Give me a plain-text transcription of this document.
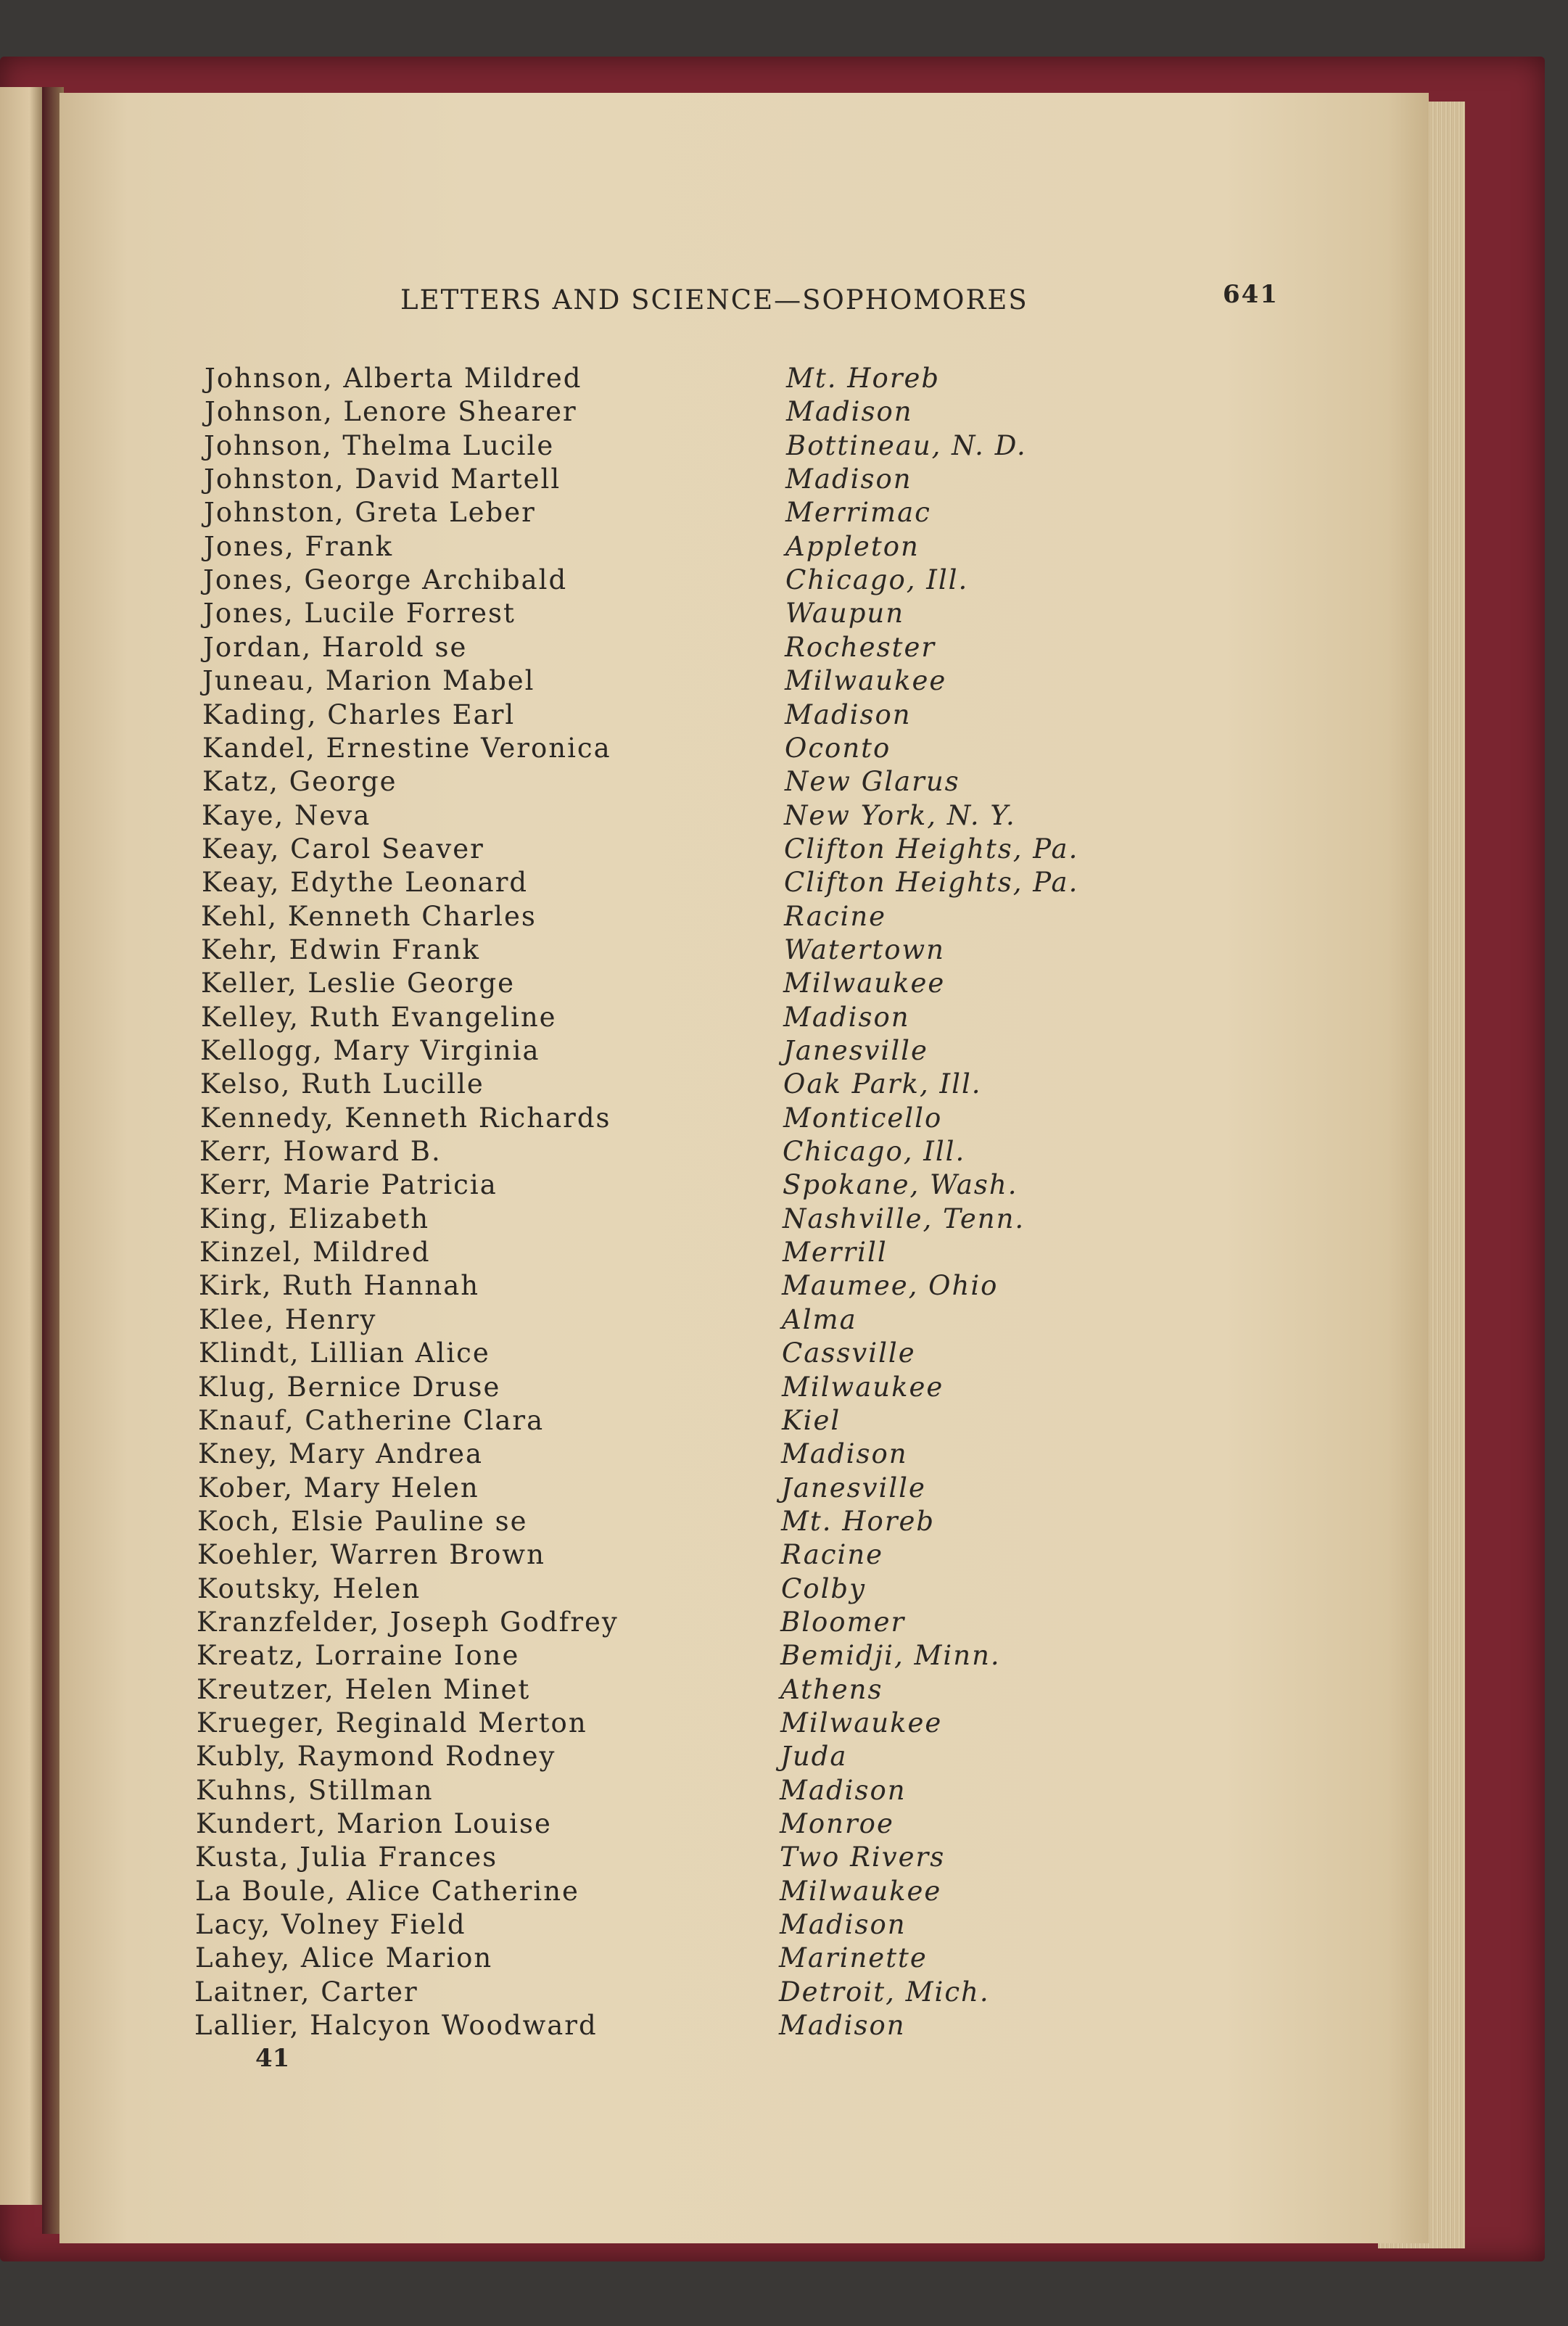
LETTERS AND SCIENCE—SOPHOMORES	641
Johnson, Alberta Mildred	Mt. Horeb
Johnson, Lenore Shearer	Madison
Johnson, Thelma Lucile	Bottineau, N. D.
Johnston, David Martell	Madison
Johnston, Greta Leber	Merrimac
Jones, Frank	Appleton
Jones, George Archibald	Chicago, Ill.
Jones, Lucile Forrest	Waupun
Jordan, Harold se	Rochester
Juneau, Marion Mabel	Milwaukee
Kading, Charles Earl	Madison
Kandel, Ernestine Veronica	Oconto
Katz, George	New Glarus
Kaye, Neva	New York, N. Y.
Keay, Carol Seaver	Clifton Heights, Pa.
Keay, Edythe Leonard	Clifton Heights, Pa.
Kehl, Kenneth Charles	Racine
Kehr, Edwin Frank	Watertown
Keller, Leslie George	Milwaukee
Kelley, Ruth Evangeline	Madison
Kellogg, Mary Virginia	Janesville
Kelso, Ruth Lucille	Oak Park, Ill.
Kennedy, Kenneth Richards	Monticello
Kerr, Howard B.	Chicago, Ill.
Kerr, Marie Patricia	Spokane, Wash.
King, Elizabeth	Nashville, Tenn.
Kinzel, Mildred	Merrill
Kirk, Ruth Hannah	Maumee, Ohio
Klee, Henry	Alma
Klindt, Lillian Alice	Cassville
Klug, Bernice Druse	Milwaukee
Knauf, Catherine Clara	Kiel
Kney, Mary Andrea	Madison
Kober, Mary Helen	Janesville
Koch, Elsie Pauline se	Mt. Horeb
Koehler, Warren Brown	Racine
Koutsky, Helen	Colby
Kranzfelder, Joseph Godfrey	Bloomer
Kreatz, Lorraine Ione	Bemidji, Minn.
Kreutzer, Helen Minet	Athens
Krueger, Reginald Merton	Milwaukee
Kubly, Raymond Rodney	Juda
Kuhns, Stillman	Madison
Kundert, Marion Louise	Monroe
Kusta, Julia Frances	Two Rivers
La Boule, Alice Catherine	Milwaukee
Lacy, Volney Field	Madison
Lahey, Alice Marion	Marinette
Laitner, Carter	Detroit, Mich.
Lallier, Halcyon Woodward	Madison
41
